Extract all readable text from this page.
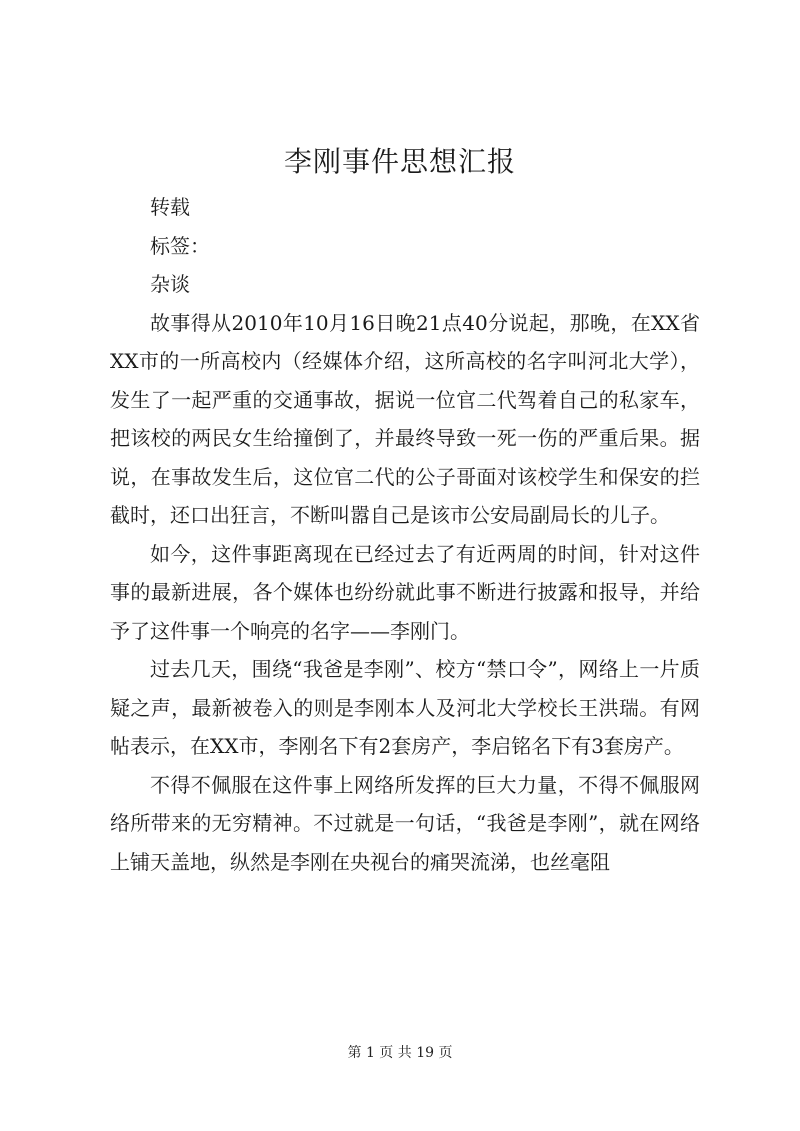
李刚事件思想汇报

转载

标签：

杂谈

故事得从2010年10月16日晚21点40分说起，那晚，在XX省XX市的一所高校内（经媒体介绍，这所高校的名字叫河北大学），发生了一起严重的交通事故，据说一位官二代驾着自己的私家车，把该校的两民女生给撞倒了，并最终导致一死一伤的严重后果。据说，在事故发生后，这位官二代的公子哥面对该校学生和保安的拦截时，还口出狂言，不断叫嚣自己是该市公安局副局长的儿子。

如今，这件事距离现在已经过去了有近两周的时间，针对这件事的最新进展，各个媒体也纷纷就此事不断进行披露和报导，并给予了这件事一个响亮的名字——李刚门。

过去几天，围绕“我爸是李刚”、校方“禁口令”，网络上一片质疑之声，最新被卷入的则是李刚本人及河北大学校长王洪瑞。有网帖表示，在XX市，李刚名下有2套房产，李启铭名下有3套房产。

不得不佩服在这件事上网络所发挥的巨大力量，不得不佩服网络所带来的无穷精神。不过就是一句话，“我爸是李刚”，就在网络上铺天盖地，纵然是李刚在央视台的痛哭流涕，也丝毫阻

第 1 页 共 19 页
